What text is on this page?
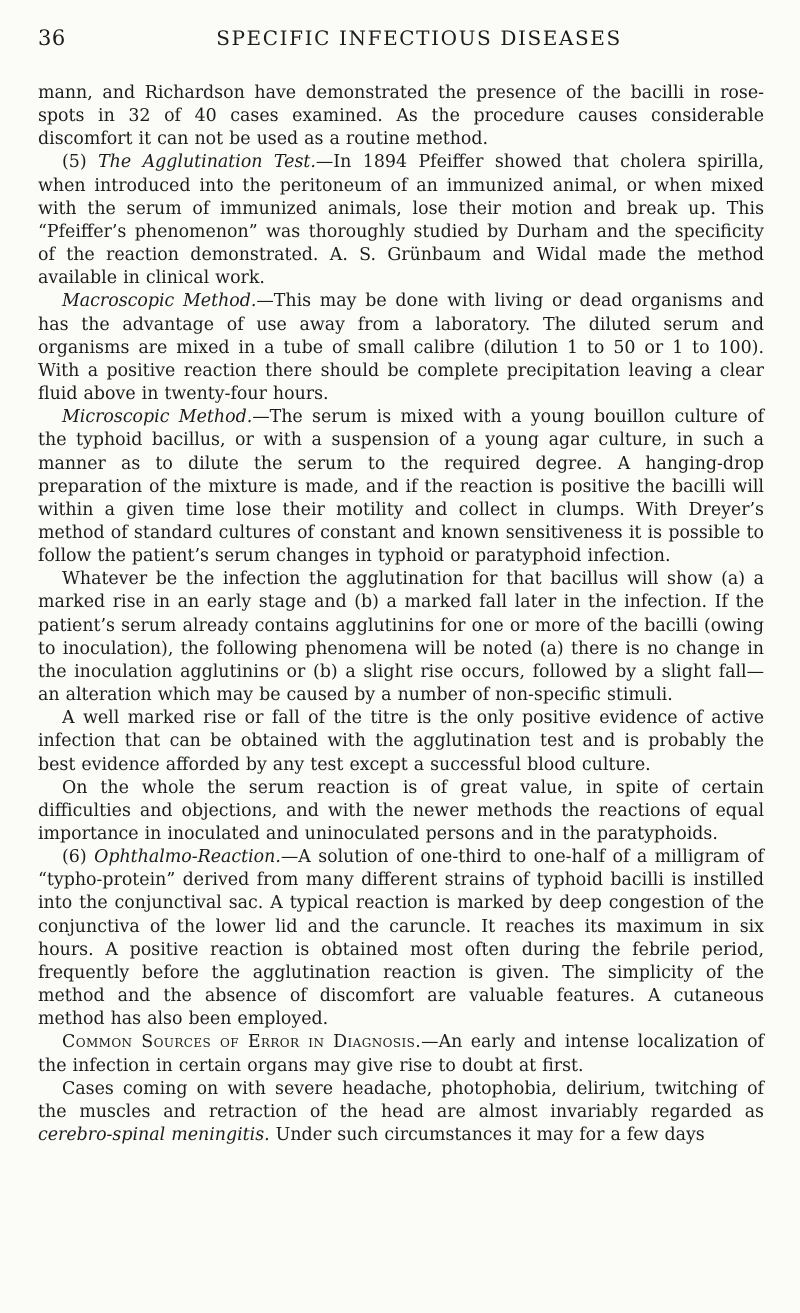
36	SPECIFIC INFECTIOUS DISEASES

mann, and Richardson have demonstrated the presence of the bacilli in rose-spots in 32 of 40 cases examined. As the procedure causes considerable discomfort it can not be used as a routine method.

(5) The Agglutination Test.—In 1894 Pfeiffer showed that cholera spirilla, when introduced into the peritoneum of an immunized animal, or when mixed with the serum of immunized animals, lose their motion and break up. This “Pfeiffer’s phenomenon” was thoroughly studied by Durham and the specificity of the reaction demonstrated. A. S. Grünbaum and Widal made the method available in clinical work.

Macroscopic Method.—This may be done with living or dead organisms and has the advantage of use away from a laboratory. The diluted serum and organisms are mixed in a tube of small calibre (dilution 1 to 50 or 1 to 100). With a positive reaction there should be complete precipitation leaving a clear fluid above in twenty-four hours.

Microscopic Method.—The serum is mixed with a young bouillon culture of the typhoid bacillus, or with a suspension of a young agar culture, in such a manner as to dilute the serum to the required degree. A hanging-drop preparation of the mixture is made, and if the reaction is positive the bacilli will within a given time lose their motility and collect in clumps. With Dreyer’s method of standard cultures of constant and known sensitiveness it is possible to follow the patient’s serum changes in typhoid or paratyphoid infection.

Whatever be the infection the agglutination for that bacillus will show (a) a marked rise in an early stage and (b) a marked fall later in the infection. If the patient’s serum already contains agglutinins for one or more of the bacilli (owing to inoculation), the following phenomena will be noted (a) there is no change in the inoculation agglutinins or (b) a slight rise occurs, followed by a slight fall—an alteration which may be caused by a number of non-specific stimuli.

A well marked rise or fall of the titre is the only positive evidence of active infection that can be obtained with the agglutination test and is probably the best evidence afforded by any test except a successful blood culture.

On the whole the serum reaction is of great value, in spite of certain difficulties and objections, and with the newer methods the reactions of equal importance in inoculated and uninoculated persons and in the paratyphoids.

(6) Ophthalmo-Reaction.—A solution of one-third to one-half of a milligram of “typho-protein” derived from many different strains of typhoid bacilli is instilled into the conjunctival sac. A typical reaction is marked by deep congestion of the conjunctiva of the lower lid and the caruncle. It reaches its maximum in six hours. A positive reaction is obtained most often during the febrile period, frequently before the agglutination reaction is given. The simplicity of the method and the absence of discomfort are valuable features. A cutaneous method has also been employed.

Common Sources of Error in Diagnosis.—An early and intense localization of the infection in certain organs may give rise to doubt at first.

Cases coming on with severe headache, photophobia, delirium, twitching of the muscles and retraction of the head are almost invariably regarded as cerebro-spinal meningitis. Under such circumstances it may for a few days
